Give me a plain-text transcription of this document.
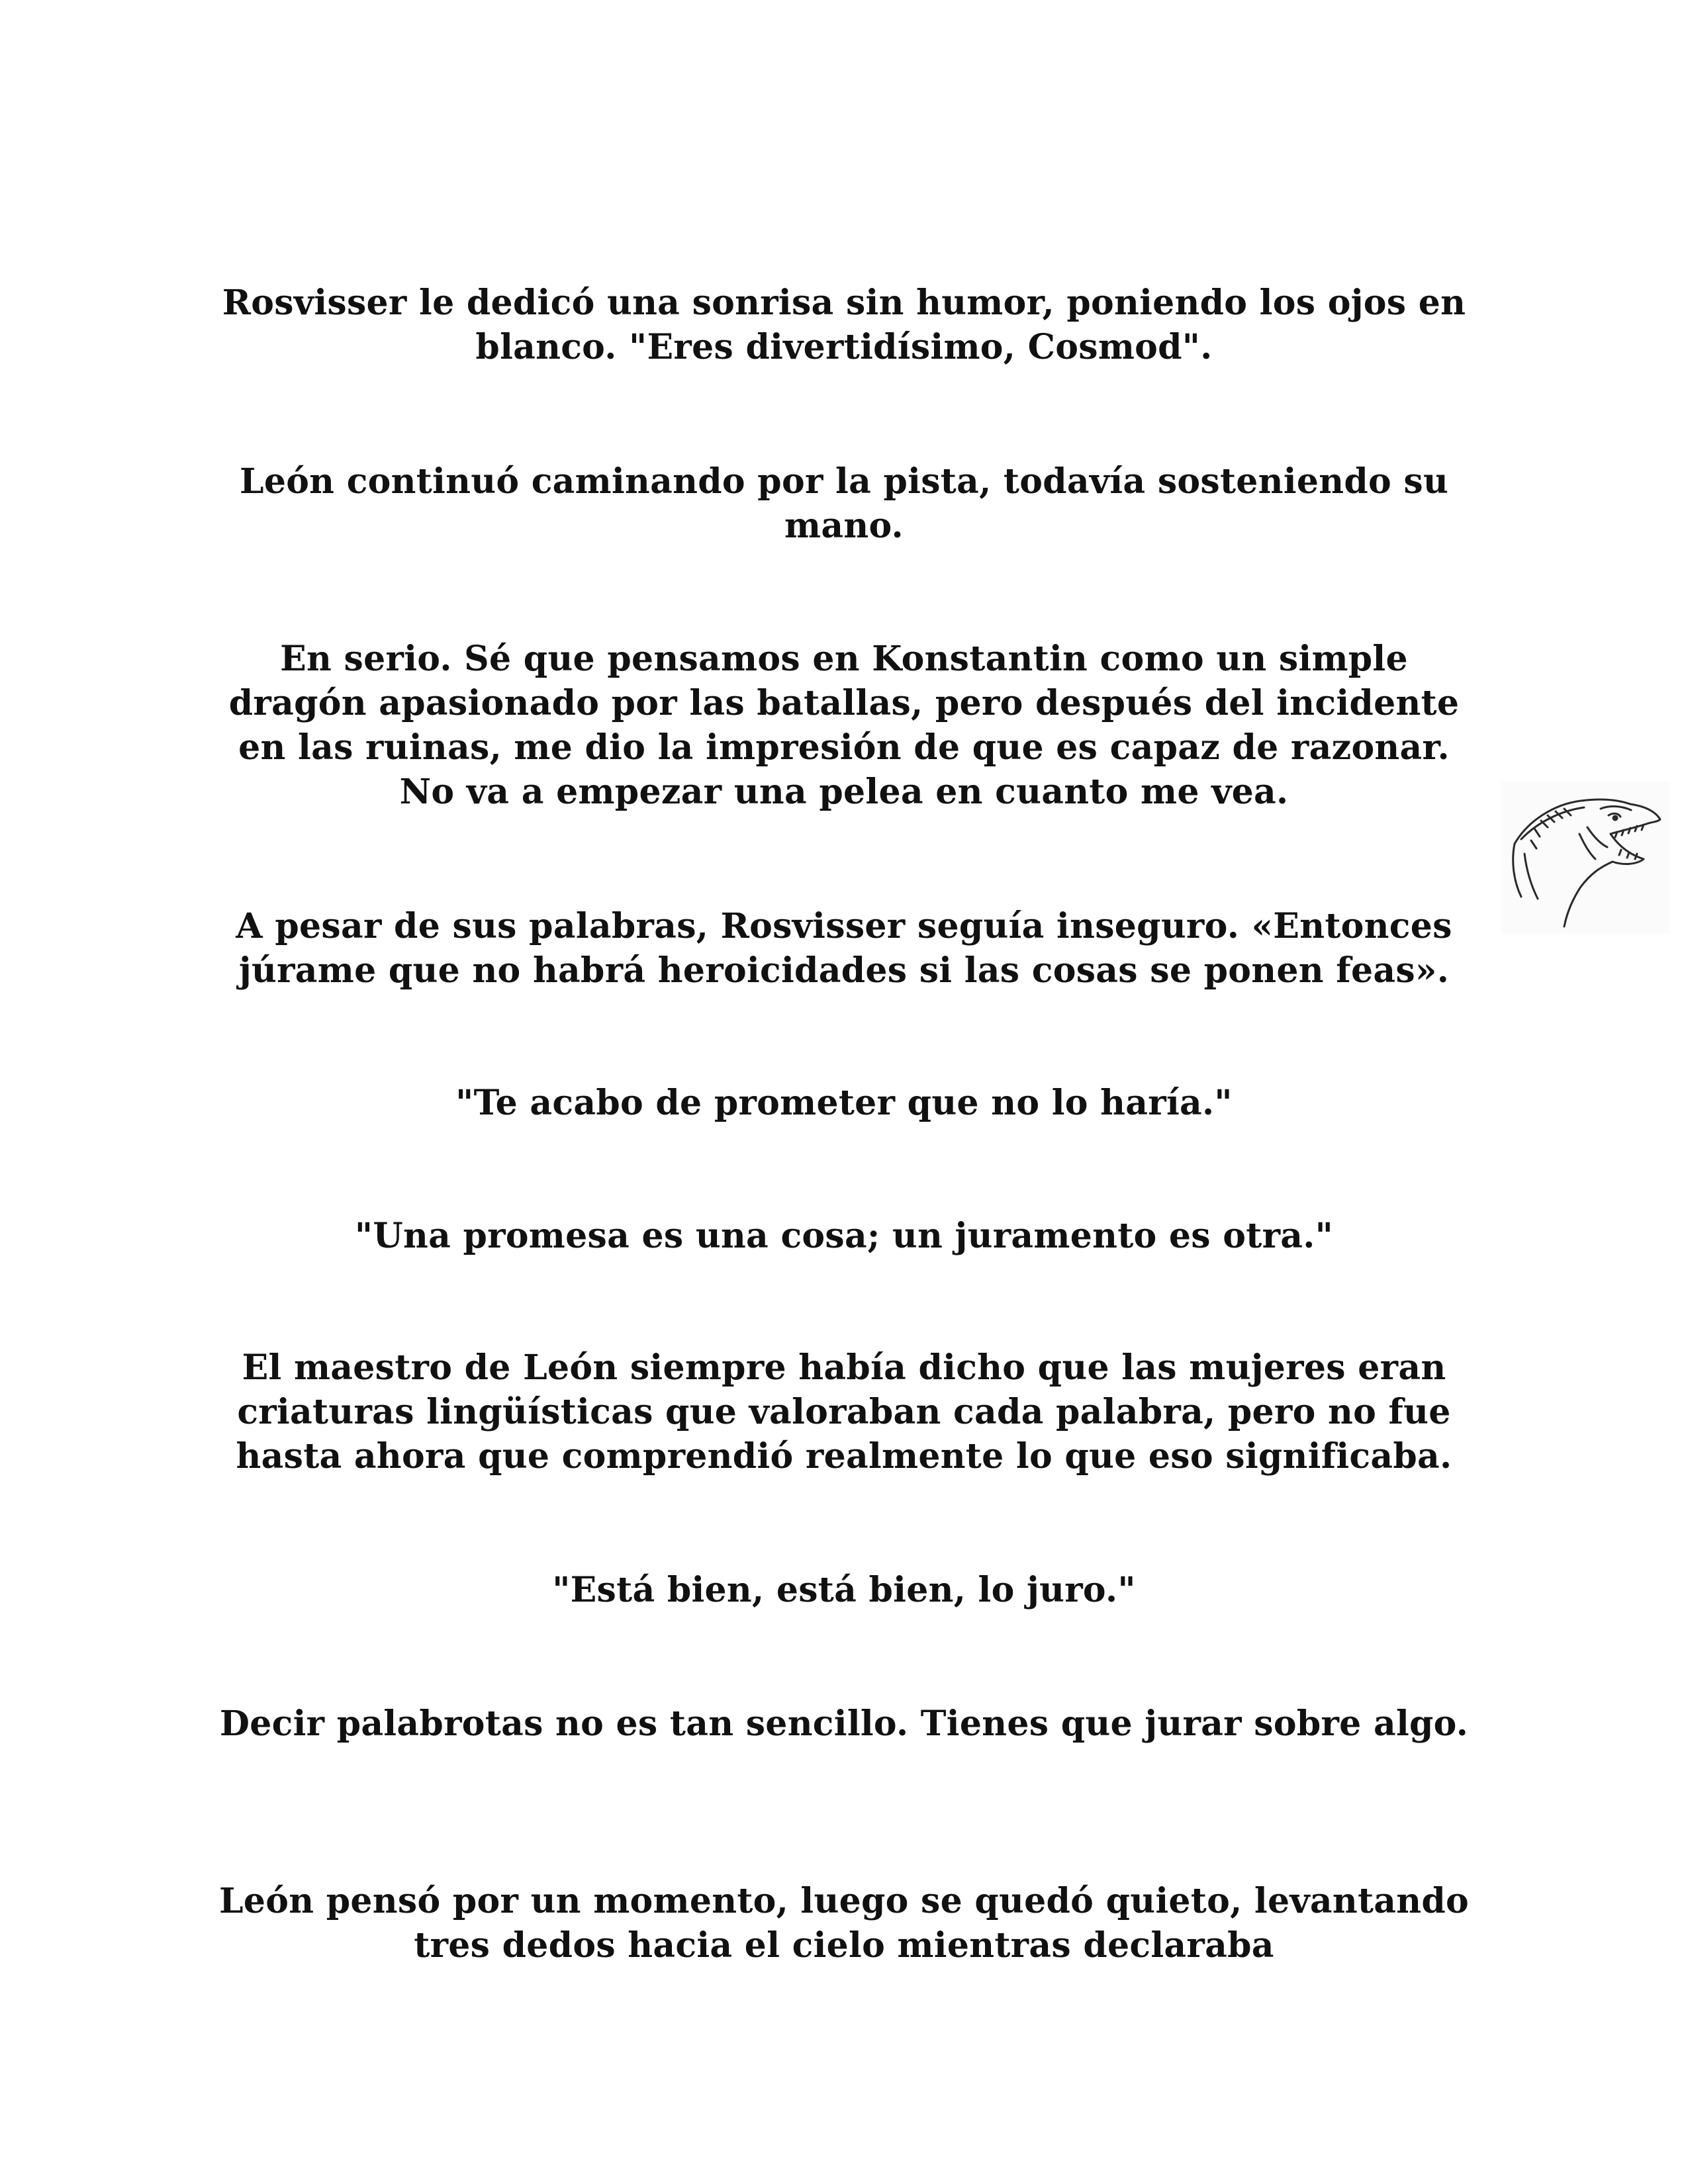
Rosvisser le dedicó una sonrisa sin humor, poniendo los ojos en blanco. "Eres divertidísimo, Cosmod".

León continuó caminando por la pista, todavía sosteniendo su mano.

En serio. Sé que pensamos en Konstantin como un simple dragón apasionado por las batallas, pero después del incidente en las ruinas, me dio la impresión de que es capaz de razonar. No va a empezar una pelea en cuanto me vea.

A pesar de sus palabras, Rosvisser seguía inseguro. «Entonces júrame que no habrá heroicidades si las cosas se ponen feas».

"Te acabo de prometer que no lo haría."

"Una promesa es una cosa; un juramento es otra."

El maestro de León siempre había dicho que las mujeres eran criaturas lingüísticas que valoraban cada palabra, pero no fue hasta ahora que comprendió realmente lo que eso significaba.

"Está bien, está bien, lo juro."

Decir palabrotas no es tan sencillo. Tienes que jurar sobre algo.

León pensó por un momento, luego se quedó quieto, levantando tres dedos hacia el cielo mientras declaraba
